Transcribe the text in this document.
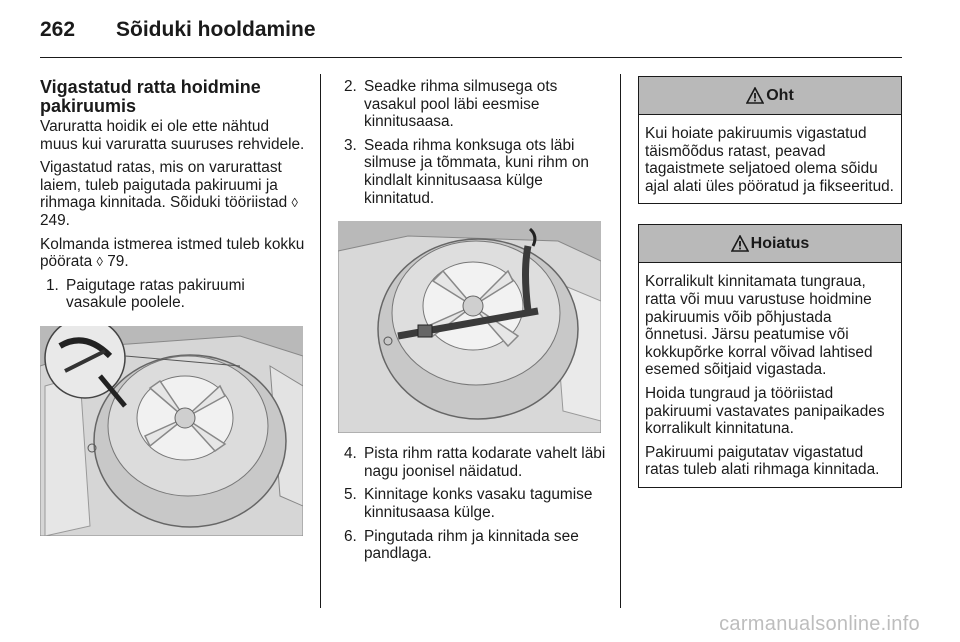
262	Sõiduki hooldamine
Vigastatud ratta hoidmine pakiruumis

Varuratta hoidik ei ole ette nähtud muus kui varuratta suuruses rehvidele.

Vigastatud ratas, mis on varurattast laiem, tuleb paigutada pakiruumi ja rihmaga kinnitada. Sõiduki tööriistad ◊ 249.

Kolmanda istmerea istmed tuleb kokku pöörata ◊ 79.

1. Paigutage ratas pakiruumi vasakule poolele.
2. Seadke rihma silmusega ots vasakul pool läbi eesmise kinnitusaasa.
3. Seada rihma konksuga ots läbi silmuse ja tõmmata, kuni rihm on kindlalt kinnitusaasa külge kinnitatud.
4. Pista rihm ratta kodarate vahelt läbi nagu joonisel näidatud.
5. Kinnitage konks vasaku tagumise kinnitusaasa külge.
6. Pingutada rihm ja kinnitada see pandlaga.
Oht

Kui hoiate pakiruumis vigastatud täismõõdus ratast, peavad tagaistmete seljatoed olema sõidu ajal alati üles pööratud ja fikseeritud.

Hoiatus

Korralikult kinnitamata tungraua, ratta või muu varustuse hoidmine pakiruumis võib põhjustada õnnetusi. Järsu peatumise või kokkupõrke korral võivad lahtised esemed sõitjaid vigastada.

Hoida tungraud ja tööriistad pakiruumi vastavates panipaikades korralikult kinnitatuna.

Pakiruumi paigutatav vigastatud ratas tuleb alati rihmaga kinnitada.

carmanualsonline.info
